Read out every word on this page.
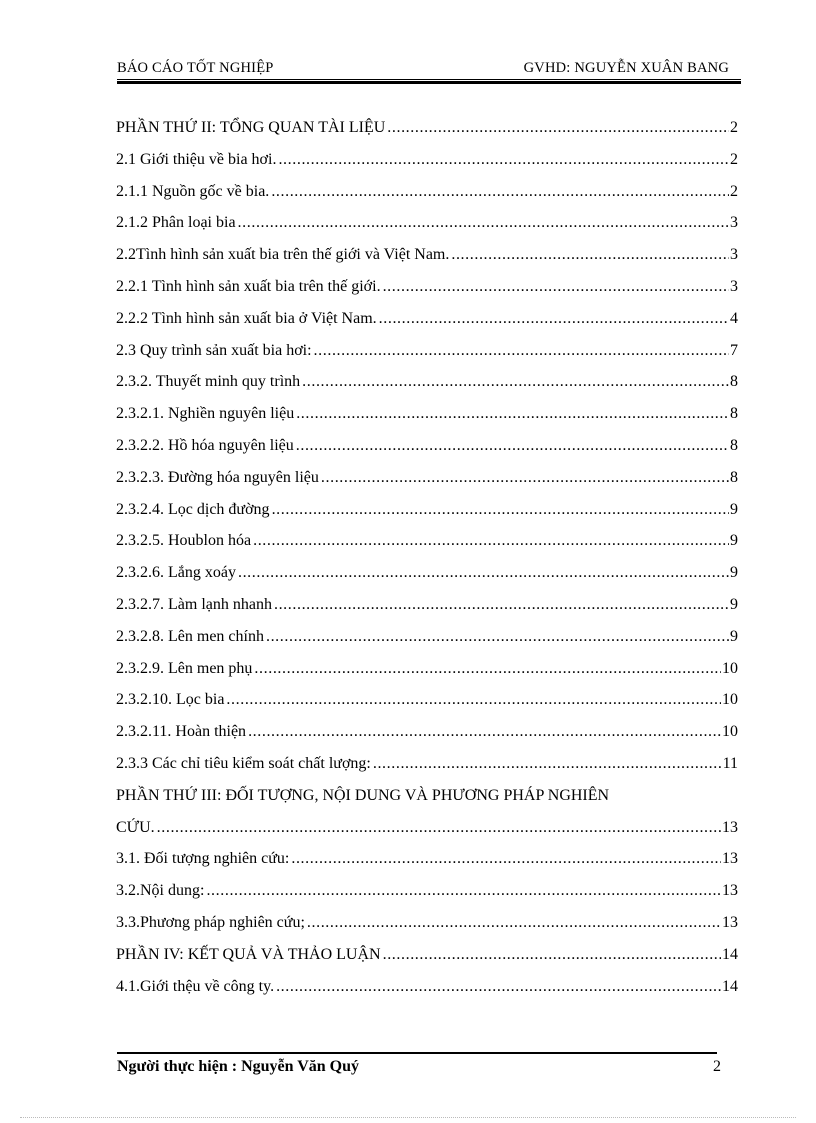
BÁO CÁO TỐT NGHIỆP	GVHD: NGUYỄN XUÂN BANG
PHẦN THỨ II: TỔNG QUAN TÀI LIỆU .....	2
2.1 Giới thiệu về bia hơi. .....	2
2.1.1 Nguồn gốc về bia. .....	2
2.1.2 Phân loại bia .....	3
2.2Tình hình sản xuất bia trên thế giới và Việt Nam. .....	3
2.2.1 Tình hình sản xuất bia trên thế giới. .....	3
2.2.2 Tình hình sản xuất bia ở Việt Nam. .....	4
2.3 Quy trình sản xuất bia hơi: .....	7
2.3.2. Thuyết minh quy trình .....	8
2.3.2.1. Nghiền nguyên liệu .....	8
2.3.2.2. Hồ hóa nguyên liệu .....	8
2.3.2.3. Đường hóa nguyên liệu .....	8
2.3.2.4. Lọc dịch đường .....	9
2.3.2.5. Houblon hóa .....	9
2.3.2.6. Lắng xoáy .....	9
2.3.2.7. Làm lạnh nhanh .....	9
2.3.2.8. Lên men chính .....	9
2.3.2.9. Lên men phụ .....	10
2.3.2.10. Lọc bia .....	10
2.3.2.11. Hoàn thiện .....	10
2.3.3 Các chỉ tiêu kiểm soát chất lượng: .....	11
PHẦN THỨ III: ĐỐI TƯỢNG, NỘI DUNG VÀ PHƯƠNG PHÁP NGHIÊN
CỨU. .....	13
3.1. Đối tượng nghiên cứu: .....	13
3.2.Nội dung: .....	13
3.3.Phương pháp nghiên cứu; .....	13
PHẦN IV: KẾT QUẢ VÀ THẢO LUẬN .....	14
4.1.Giới thệu về công ty. .....	14
Người thực hiện : Nguyễn Văn Quý	2
